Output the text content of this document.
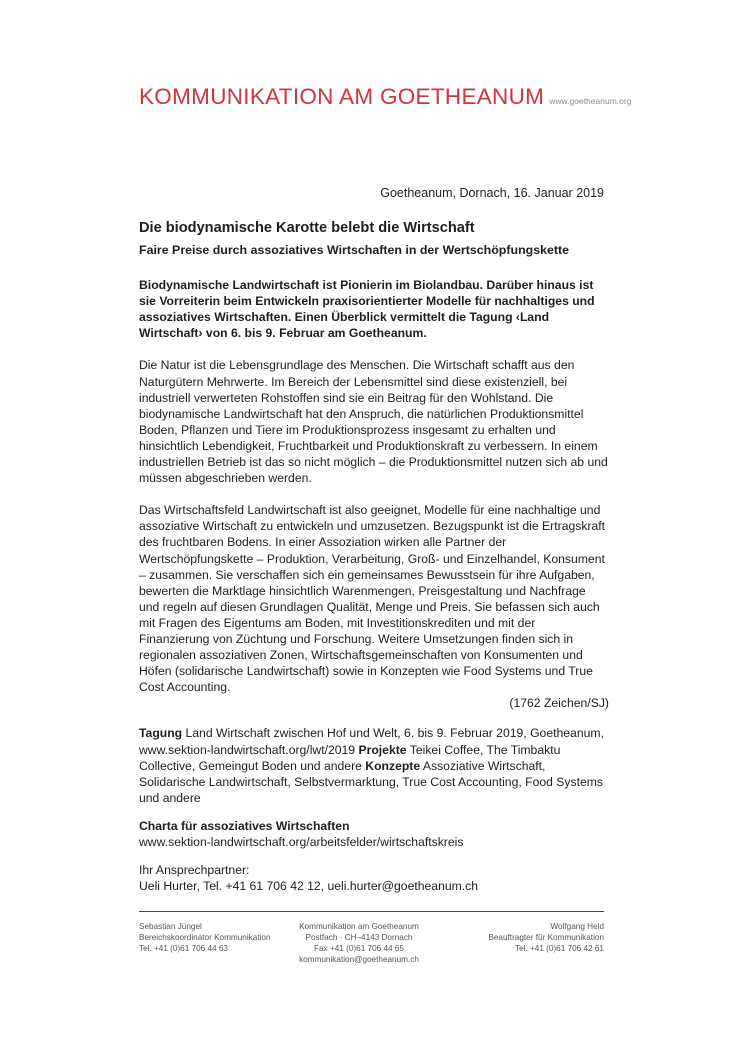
KOMMUNIKATION AM GOETHEANUM www.goetheanum.org
Goetheanum, Dornach, 16. Januar 2019
Die biodynamische Karotte belebt die Wirtschaft
Faire Preise durch assoziatives Wirtschaften in der Wertschöpfungskette

Biodynamische Landwirtschaft ist Pionierin im Biolandbau. Darüber hinaus ist sie Vorreiterin beim Entwickeln praxisorientierter Modelle für nachhaltiges und assoziatives Wirtschaften. Einen Überblick vermittelt die Tagung ‹Land Wirtschaft› von 6. bis 9. Februar am Goetheanum.

Die Natur ist die Lebensgrundlage des Menschen. Die Wirtschaft schafft aus den Naturgütern Mehrwerte. Im Bereich der Lebensmittel sind diese existenziell, bei industriell verwerteten Rohstoffen sind sie ein Beitrag für den Wohlstand. Die biodynamische Landwirtschaft hat den Anspruch, die natürlichen Produktionsmittel Boden, Pflanzen und Tiere im Produktionsprozess insgesamt zu erhalten und hinsichtlich Lebendigkeit, Fruchtbarkeit und Produktionskraft zu verbessern. In einem industriellen Betrieb ist das so nicht möglich – die Produktionsmittel nutzen sich ab und müssen abgeschrieben werden.

Das Wirtschaftsfeld Landwirtschaft ist also geeignet, Modelle für eine nachhaltige und assoziative Wirtschaft zu entwickeln und umzusetzen. Bezugspunkt ist die Ertragskraft des fruchtbaren Bodens. In einer Assoziation wirken alle Partner der Wertschöpfungskette – Produktion, Verarbeitung, Groß- und Einzelhandel, Konsument – zusammen. Sie verschaffen sich ein gemeinsames Bewusstsein für ihre Aufgaben, bewerten die Marktlage hinsichtlich Warenmengen, Preisgestaltung und Nachfrage und regeln auf diesen Grundlagen Qualität, Menge und Preis. Sie befassen sich auch mit Fragen des Eigentums am Boden, mit Investitionskrediten und mit der Finanzierung von Züchtung und Forschung. Weitere Umsetzungen finden sich in regionalen assoziativen Zonen, Wirtschaftsgemeinschaften von Konsumenten und Höfen (solidarische Landwirtschaft) sowie in Konzepten wie Food Systems und True Cost Accounting.

(1762 Zeichen/SJ)

Tagung Land Wirtschaft zwischen Hof und Welt, 6. bis 9. Februar 2019, Goetheanum, www.sektion-landwirtschaft.org/lwt/2019 Projekte Teikei Coffee, The Timbaktu Collective, Gemeingut Boden und andere Konzepte Assoziative Wirtschaft, Solidarische Landwirtschaft, Selbstvermarktung, True Cost Accounting, Food Systems und andere

Charta für assoziatives Wirtschaften
www.sektion-landwirtschaft.org/arbeitsfelder/wirtschaftskreis

Ihr Ansprechpartner:
Ueli Hurter, Tel. +41 61 706 42 12, ueli.hurter@goetheanum.ch

Sebastian Jüngel
Bereichskoordinator Kommunikation
Tel. +41 (0)61 706 44 63
Kommunikation am Goetheanum
Postfach · CH–4143 Dornach
Fax +41 (0)61 706 44 65
kommunikation@goetheanum.ch
Wolfgang Held
Beauftragter für Kommunikation
Tel. +41 (0)61 706 42 61
